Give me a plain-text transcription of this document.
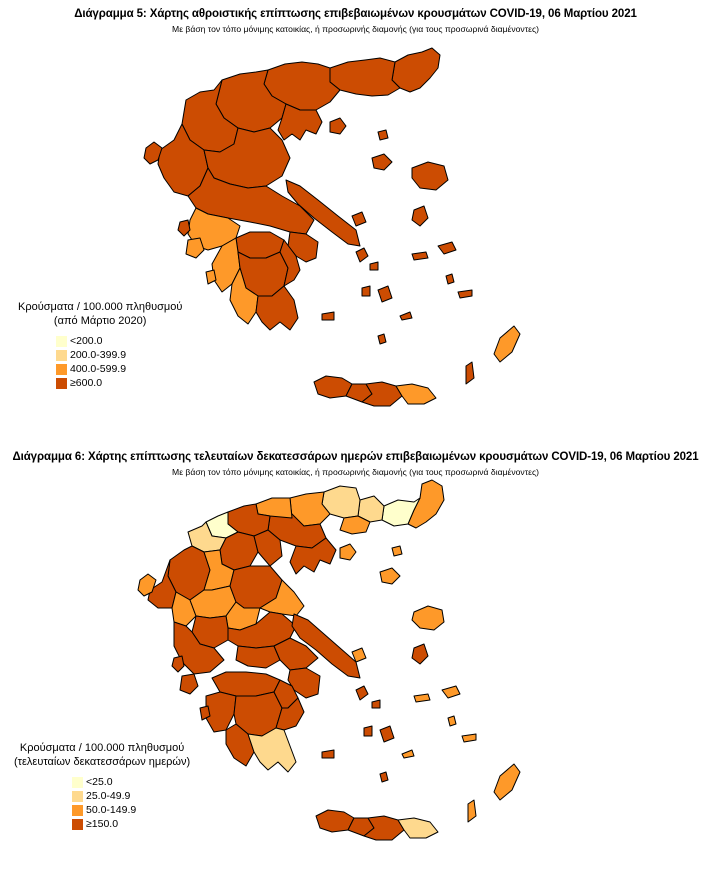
Διάγραμμα 5: Χάρτης αθροιστικής επίπτωσης επιβεβαιωμένων κρουσμάτων COVID-19, 06 Μαρτίου 2021
Με βάση τον τόπο μόνιμης κατοικίας, ή προσωρινής διαμονής (για τους προσωρινά διαμένοντες)
Κρούσματα / 100.000 πληθυσμού
(από Μάρτιο 2020)
<200.0
200.0-399.9
400.0-599.9
≥600.0
Διάγραμμα 6: Χάρτης επίπτωσης τελευταίων δεκατεσσάρων ημερών επιβεβαιωμένων κρουσμάτων COVID-19, 06 Μαρτίου 2021
Με βάση τον τόπο μόνιμης κατοικίας, ή προσωρινής διαμονής (για τους προσωρινά διαμένοντες)
Κρούσματα / 100.000 πληθυσμού
(τελευταίων δεκατεσσάρων ημερών)
<25.0
25.0-49.9
50.0-149.9
≥150.0
